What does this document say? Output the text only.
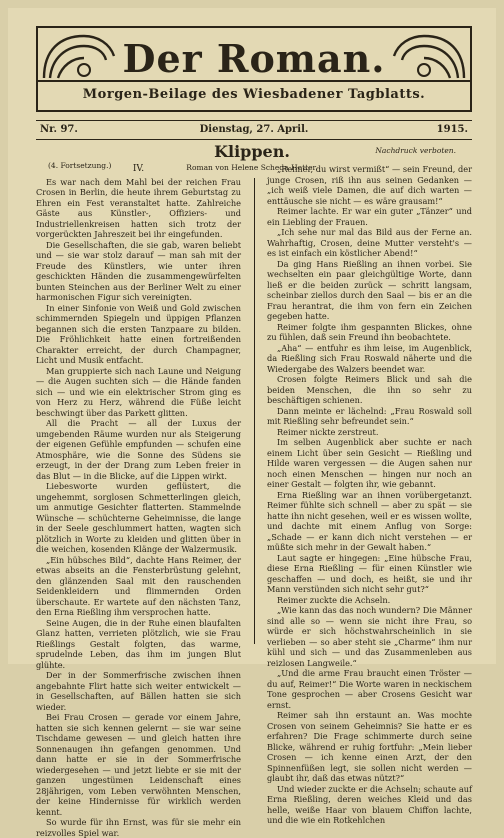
Der Roman.
Morgen-Beilage des Wiesbadener Tagblatts.
Nr. 97.	Dienstag, 27. April.	1915.
Klippen.	Nachdruck verboten.
(4. Fortsetzung.)	Roman von Helene Scheda-Hetter.
IV.

Es war nach dem Mahl bei der reichen Frau Crosen in Berlin, die heute ihrem Geburtstag zu Ehren ein Fest veranstaltet hatte. Zahlreiche Gäste aus Künstler-, Offiziers- und Industriellenkreisen hatten sich trotz der vorgerückten Jahreszeit bei ihr eingefunden.

Die Gesellschaften, die sie gab, waren beliebt und — sie war stolz darauf — man sah mit der Freude des Künstlers, wie unter ihren geschickten Händen die zusammengewürfelten bunten Steinchen aus der Berliner Welt zu einer harmonischen Figur sich vereinigten.

In einer Sinfonie von Weiß und Gold zwischen schimmernden Spiegeln und üppigen Pflanzen begannen sich die ersten Tanzpaare zu bilden. Die Fröhlichkeit hatte einen fortreißenden Charakter erreicht, der durch Champagner, Licht und Musik entfacht.

Man gruppierte sich nach Laune und Neigung — die Augen suchten sich — die Hände fanden sich — und wie ein elektrischer Strom ging es von Herz zu Herz, während die Füße leicht beschwingt über das Parkett glitten.

All die Pracht — all der Luxus der umgebenden Räume wurden nur als Steigerung der eigenen Gefühle empfunden — schufen eine Atmosphäre, wie die Sonne des Südens sie erzeugt, in der der Drang zum Leben freier in das Blut — in die Blicke, auf die Lippen wirkt.

Liebesworte wurden geflüstert, die ungehemmt, sorglosen Schmetterlingen gleich, um anmutige Gesichter flatterten. Stammelnde Wünsche — schüchterne Geheimnisse, die lange in der Seele geschlummert hatten, wagten sich plötzlich in Worte zu kleiden und glitten über in die weichen, kosenden Klänge der Walzermusik.

„Ein hübsches Bild“, dachte Hans Reimer, der etwas abseits an die Fensterbrüstung gelehnt, den glänzenden Saal mit den rauschenden Seidenkleidern und flimmernden Orden überschaute. Er wartete auf den nächsten Tanz, den Erna Rießling ihm versprochen hatte.

Seine Augen, die in der Ruhe einen blaufalten Glanz hatten, verrieten plötzlich, wie sie Frau Rießlings Gestalt folgten, das warme, sprudelnde Leben, das ihm im jungen Blut glühte.

Der in der Sommerfrische zwischen ihnen angebahnte Flirt hatte sich weiter entwickelt — in Gesellschaften, auf Bällen hatten sie sich wieder.

Bei Frau Crosen — gerade vor einem Jahre, hatten sie sich kennen gelernt — sie war seine Tischdame gewesen — und gleich hatten ihre Sonnenaugen ihn gefangen genommen. Und dann hatte er sie in der Sommerfrische wiedergesehen — und jetzt liebte er sie mit der ganzen ungestümen Leidenschaft eines 28jährigen, vom Leben verwöhnten Menschen, der keine Hindernisse für wirklich werden kennt.

So wurde für ihn Ernst, was für sie mehr ein reizvolles Spiel war.

„Reimer, du wirst vermißt“ — sein Freund, der junge Crosen, riß ihn aus seinen Gedanken — „ich weiß viele Damen, die auf dich warten — enttäusche sie nicht — es wäre grausam!“

Reimer lachte. Er war ein guter „Tänzer“ und ein Liebling der Frauen.

„Ich sehe nur mal das Bild aus der Ferne an. Wahrhaftig, Crosen, deine Mutter versteht's — es ist einfach ein köstlicher Abend!“

Da ging Hans Rießling an ihnen vorbei. Sie wechselten ein paar gleichgültige Worte, dann ließ er die beiden zurück — schritt langsam, scheinbar ziellos durch den Saal — bis er an die Frau herantrat, die ihm von fern ein Zeichen gegeben hatte.

Reimer folgte ihm gespannten Blickes, ohne zu fühlen, daß sein Freund ihn beobachtete.

„Aha“ — entfuhr es ihm leise, im Augenblick, da Rießling sich Frau Roswald näherte und die Wiedergabe des Walzers beendet war.

Crosen folgte Reimers Blick und sah die beiden Menschen, die ihn so sehr zu beschäftigen schienen.

Dann meinte er lächelnd: „Frau Roswald soll mit Rießling sehr befreundet sein.“

Reimer nickte zerstreut.

Im selben Augenblick aber suchte er nach einem Licht über sein Gesicht — Rießling und Hilde waren vergessen — die Augen sahen nur noch einen Menschen — hingen nur noch an einer Gestalt — folgten ihr, wie gebannt.

Erna Rießling war an ihnen vorübergetanzt. Reimer fühlte sich schnell — aber zu spät — sie hatte ihn nicht gesehen, weil er es wissen wollte, und dachte mit einem Anflug von Sorge: „Schade — er kann dich nicht verstehen — er müßte sich mehr in der Gewalt haben.“

Laut sagte er hingegen: „Eine hübsche Frau, diese Erna Rießling — für einen Künstler wie geschaffen — und doch, es heißt, sie und ihr Mann verstünden sich nicht sehr gut?“

Reimer zuckte die Achseln.

„Wie kann das das noch wundern? Die Männer sind alle so — wenn sie nicht ihre Frau, so würde er sich höchstwahrscheinlich in sie verlieben — so aber steht sie „Charme“ ihm nur kühl und sich — und das Zusammenleben aus reizlosen Langweile.“

„Und die arme Frau braucht einen Tröster — du auf, Reimer!“ Die Worte waren in neckischem Tone gesprochen — aber Crosens Gesicht war ernst.

Reimer sah ihn erstaunt an. Was mochte Crosen von seinem Geheimnis? Sie hatte er es erfahren? Die Frage schimmerte durch seine Blicke, während er ruhig fortfuhr: „Mein lieber Crosen — ich kenne einen Arzt, der den Spinnenfüßen legt, sie sollen nicht werden — glaubt ihr, daß das etwas nützt?“

Und wieder zuckte er die Achseln; schaute auf Erna Rießling, deren weiches Kleid und das helle, weiße Haar von blauem Chiffon lachte, und die wie ein Rotkehlchen
